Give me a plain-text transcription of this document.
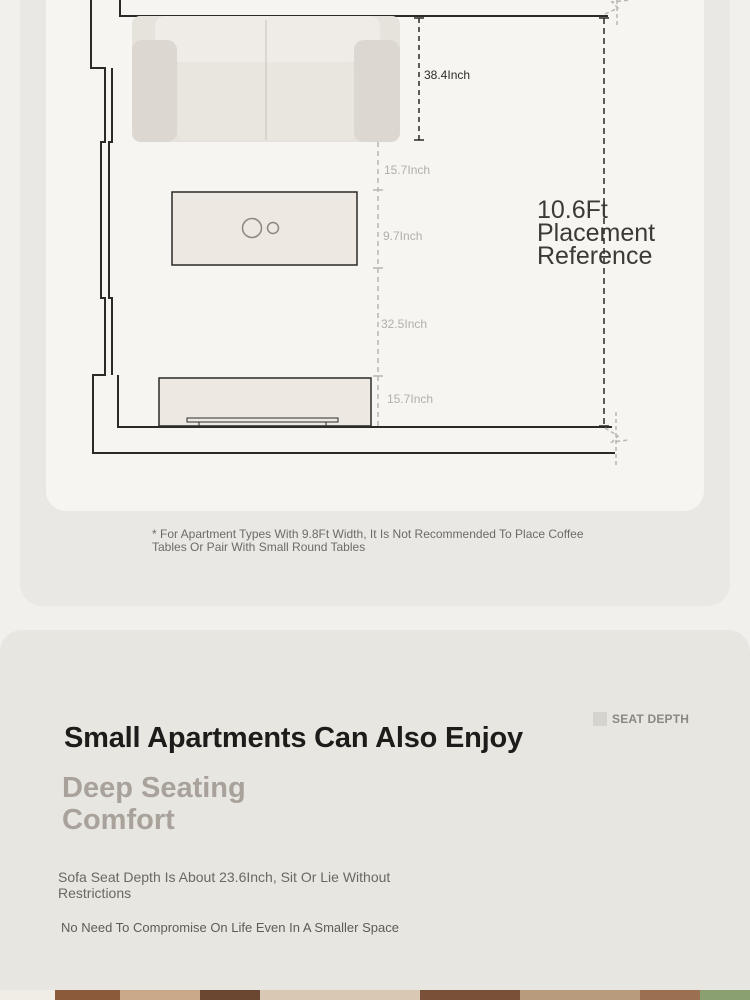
38.4Inch
15.7Inch
9.7Inch
32.5Inch
15.7Inch
10.6Ft Placement Reference
* For Apartment Types With 9.8Ft Width, It Is Not Recommended To Place Coffee Tables Or Pair With Small Round Tables
SEAT DEPTH
Small Apartments Can Also Enjoy
Deep Seating Comfort
Sofa Seat Depth Is About 23.6Inch, Sit Or Lie Without Restrictions
No Need To Compromise On Life Even In A Smaller Space
